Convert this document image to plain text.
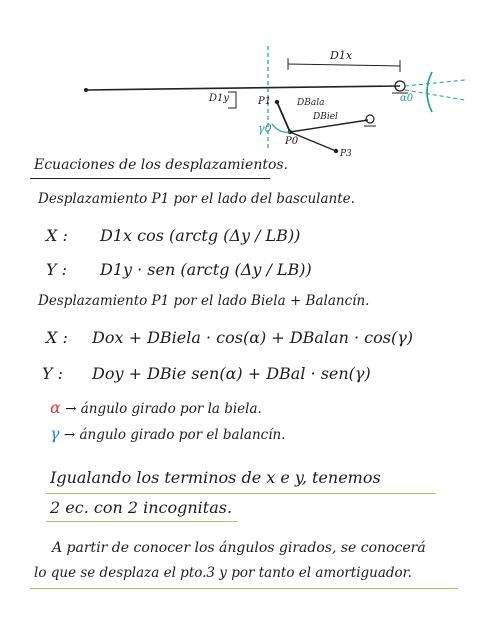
D1x
D1y	P1	DBala
DBiel
γ0
P0
P3
α0
Ecuaciones de los desplazamientos.
Desplazamiento P1 por el lado del basculante.
X : D1x cos (arctg (Δy / LB))
Y : D1y · sen (arctg (Δy / LB))
Desplazamiento P1 por el lado Biela + Balancín.
X : Dox + DBiela · cos(α) + DBalan · cos(γ)
Y : Doy + DBie sen(α) + DBal · sen(γ)
α → ángulo girado por la biela.
γ → ángulo girado por el balancín.
Igualando los terminos de x e y, tenemos
2 ec. con 2 incognitas.
A partir de conocer los ángulos girados, se conocerá
lo que se desplaza el pto.3 y por tanto el amortiguador.
